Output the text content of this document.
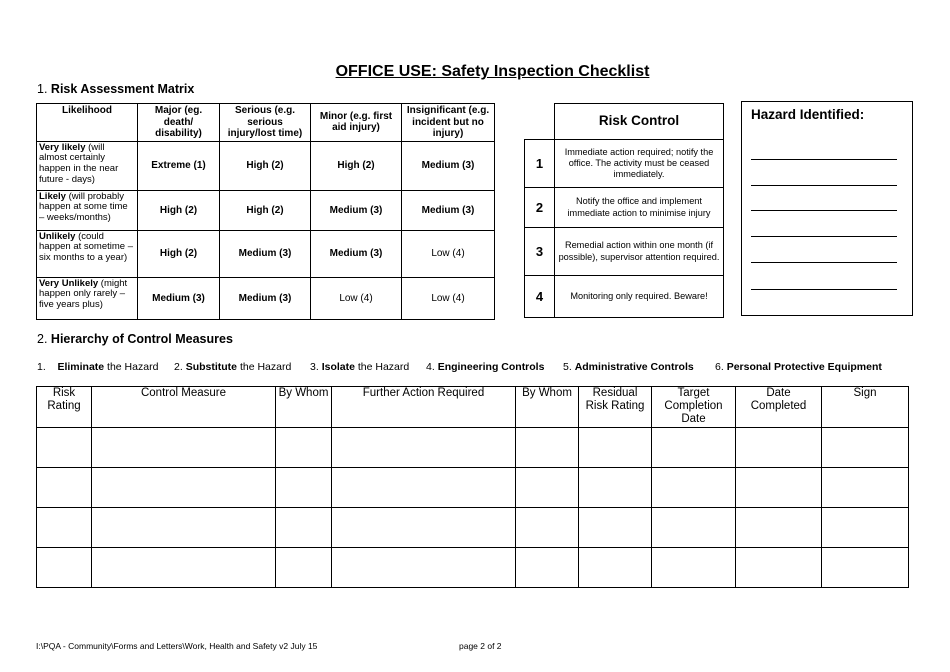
OFFICE USE: Safety Inspection Checklist
1. Risk Assessment Matrix
Likelihood	Major (eg. death/ disability)	Serious (e.g. serious injury/lost time)	Minor (e.g. first aid injury)	Insignificant (e.g. incident but no injury)
Very likely (will almost certainly happen in the near future - days)	Extreme (1)	High (2)	High (2)	Medium (3)
Likely (will probably happen at some time – weeks/months)	High (2)	High (2)	Medium (3)	Medium (3)
Unlikely (could happen at sometime – six months to a year)	High (2)	Medium (3)	Medium (3)	Low (4)
Very Unlikely (might happen only rarely – five years plus)	Medium (3)	Medium (3)	Low (4)	Low (4)
	Risk Control
1	Immediate action required; notify the office. The activity must be ceased immediately.
2	Notify the office and implement immediate action to minimise injury
3	Remedial action within one month (if possible), supervisor attention required.
4	Monitoring only required. Beware!
Hazard Identified:
2. Hierarchy of Control Measures
1. Eliminate the Hazard 2. Substitute the Hazard 3. Isolate the Hazard 4. Engineering Controls 5. Administrative Controls 6. Personal Protective Equipment
Risk Rating	Control Measure	By Whom	Further Action Required	By Whom	Residual Risk Rating	Target Completion Date	Date Completed	Sign

I:\PQA - Community\Forms and Letters\Work, Health and Safety v2 July 15	page 2 of 2
